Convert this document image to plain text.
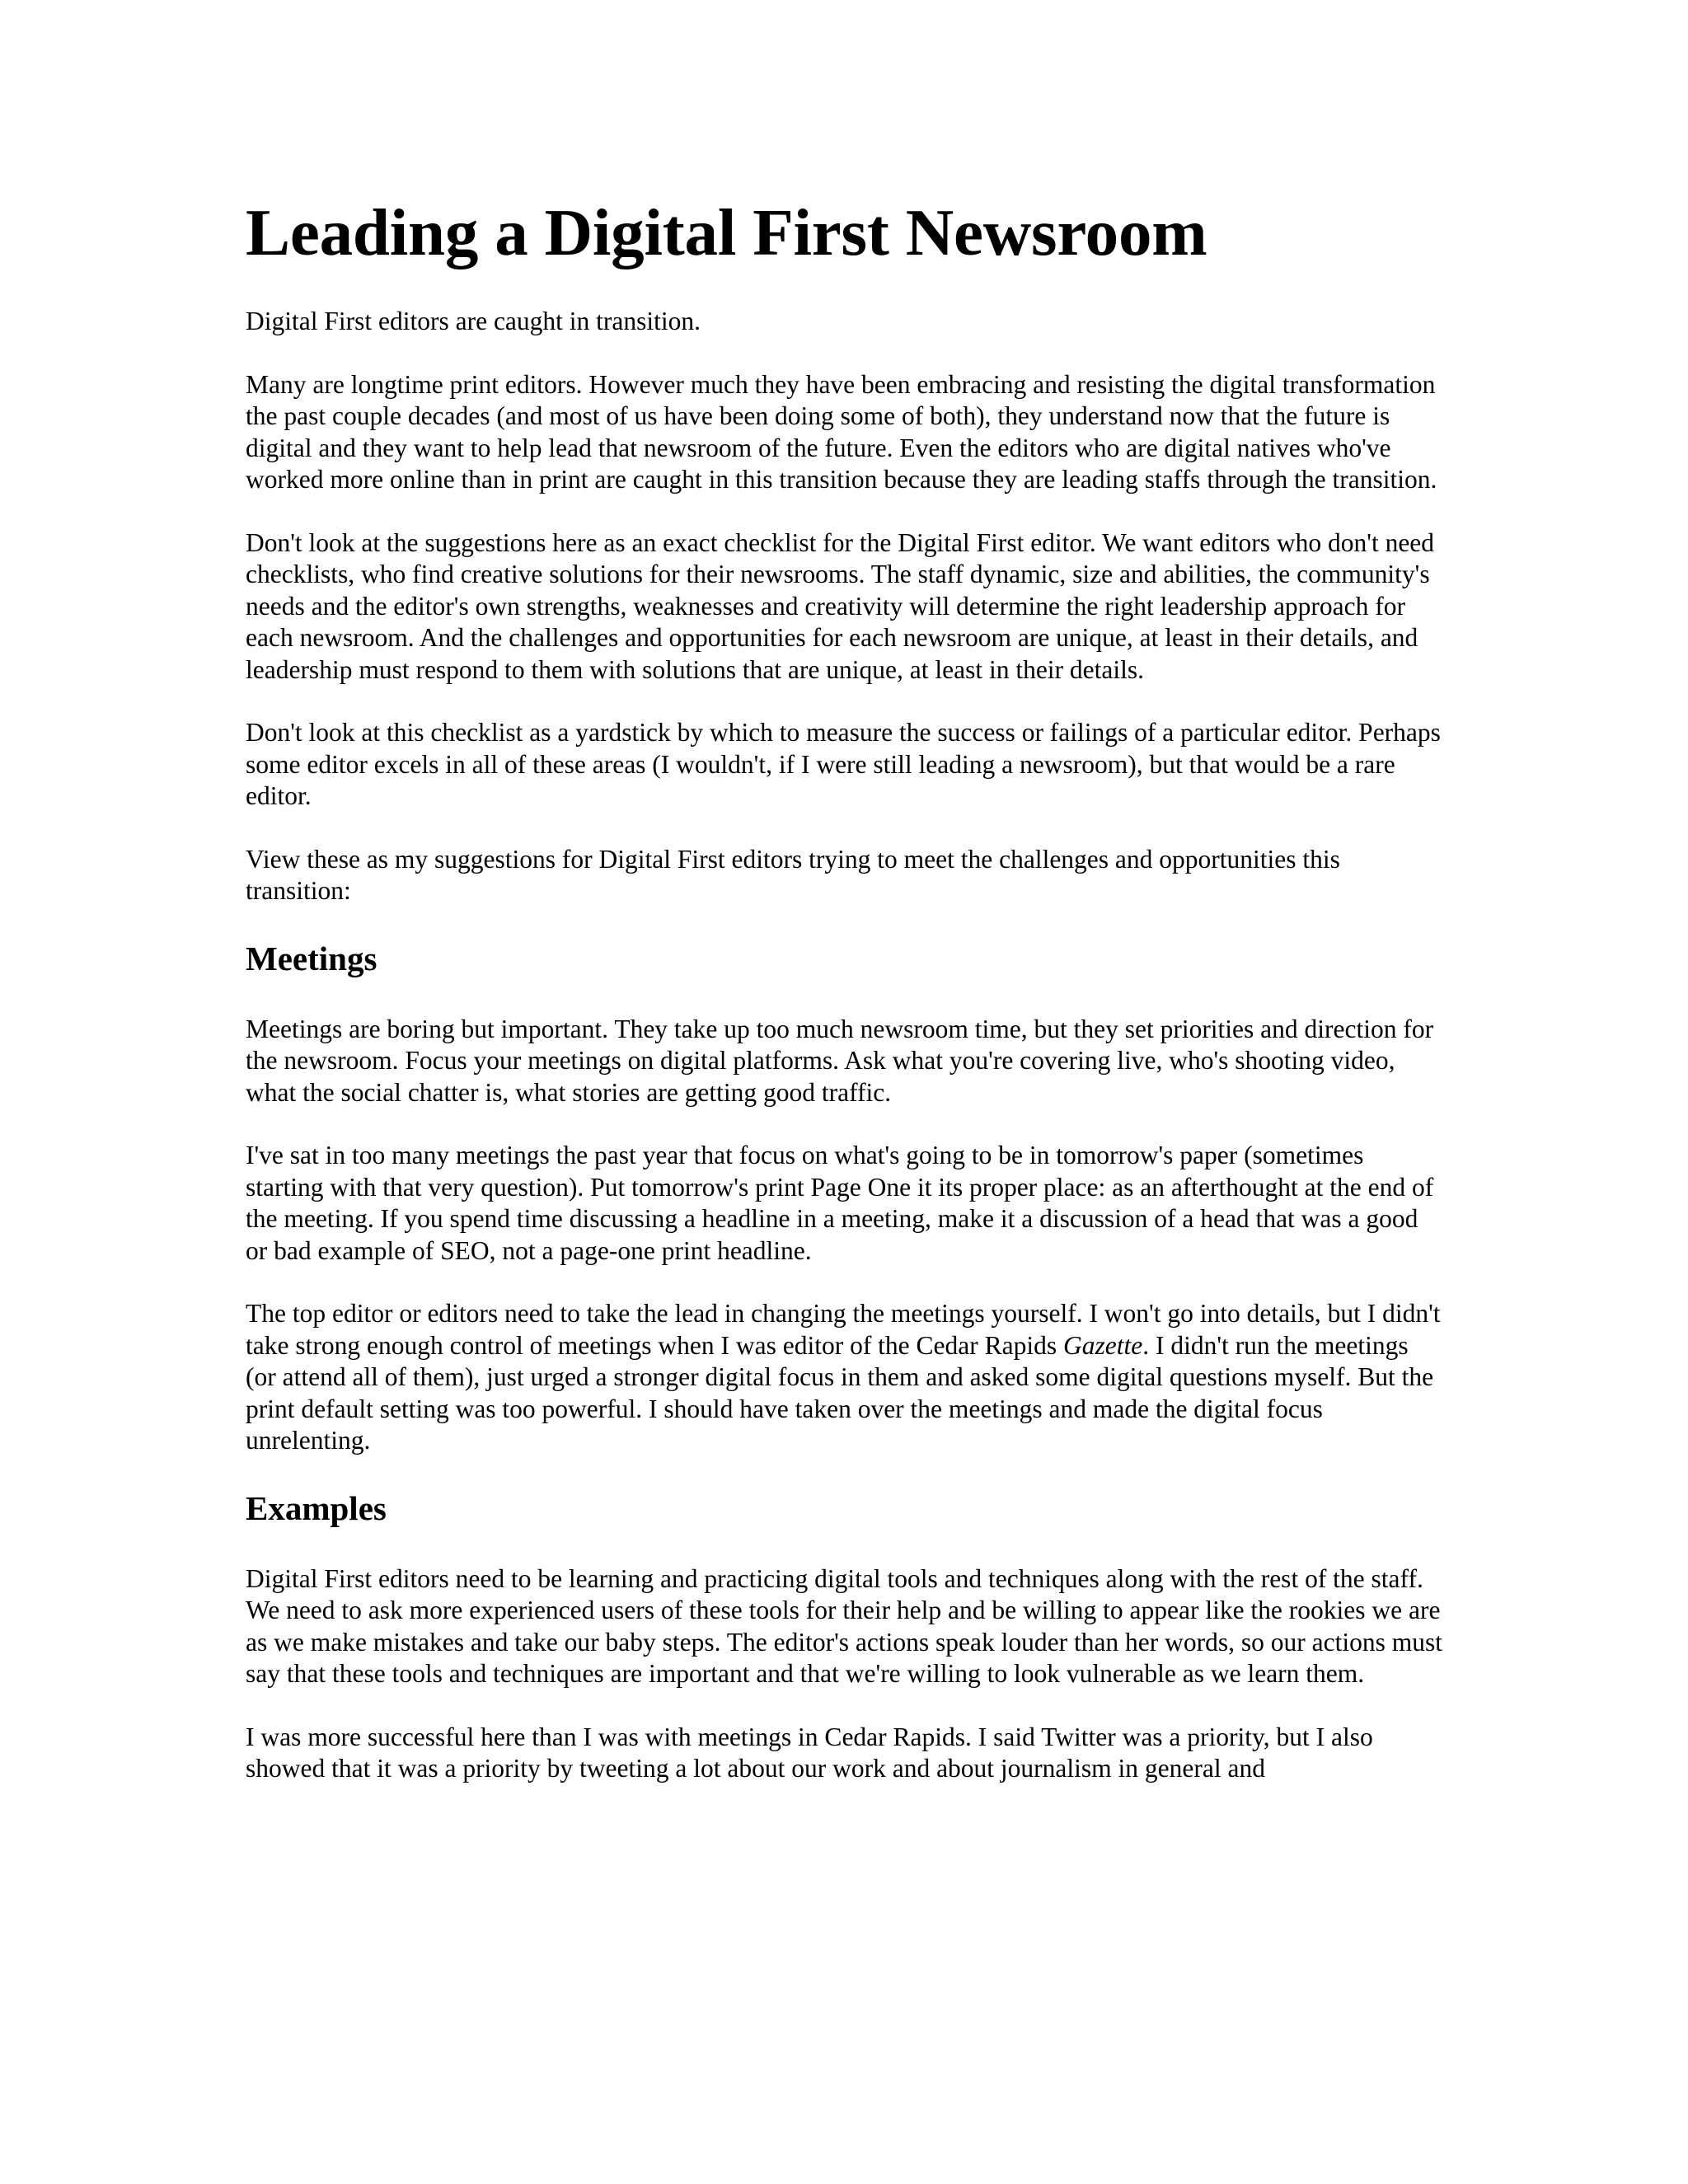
Leading a Digital First Newsroom

Digital First editors are caught in transition.

Many are longtime print editors. However much they have been embracing and resisting the digital transformation the past couple decades (and most of us have been doing some of both), they understand now that the future is digital and they want to help lead that newsroom of the future. Even the editors who are digital natives who've worked more online than in print are caught in this transition because they are leading staffs through the transition.

Don't look at the suggestions here as an exact checklist for the Digital First editor. We want editors who don't need checklists, who find creative solutions for their newsrooms. The staff dynamic, size and abilities, the community's needs and the editor's own strengths, weaknesses and creativity will determine the right leadership approach for each newsroom. And the challenges and opportunities for each newsroom are unique, at least in their details, and leadership must respond to them with solutions that are unique, at least in their details.

Don't look at this checklist as a yardstick by which to measure the success or failings of a particular editor. Perhaps some editor excels in all of these areas (I wouldn't, if I were still leading a newsroom), but that would be a rare editor.

View these as my suggestions for Digital First editors trying to meet the challenges and opportunities this transition:

Meetings

Meetings are boring but important. They take up too much newsroom time, but they set priorities and direction for the newsroom. Focus your meetings on digital platforms. Ask what you're covering live, who's shooting video, what the social chatter is, what stories are getting good traffic.

I've sat in too many meetings the past year that focus on what's going to be in tomorrow's paper (sometimes starting with that very question). Put tomorrow's print Page One it its proper place: as an afterthought at the end of the meeting. If you spend time discussing a headline in a meeting, make it a discussion of a head that was a good or bad example of SEO, not a page-one print headline.

The top editor or editors need to take the lead in changing the meetings yourself. I won't go into details, but I didn't take strong enough control of meetings when I was editor of the Cedar Rapids Gazette. I didn't run the meetings (or attend all of them), just urged a stronger digital focus in them and asked some digital questions myself. But the print default setting was too powerful. I should have taken over the meetings and made the digital focus unrelenting.

Examples

Digital First editors need to be learning and practicing digital tools and techniques along with the rest of the staff. We need to ask more experienced users of these tools for their help and be willing to appear like the rookies we are as we make mistakes and take our baby steps. The editor's actions speak louder than her words, so our actions must say that these tools and techniques are important and that we're willing to look vulnerable as we learn them.

I was more successful here than I was with meetings in Cedar Rapids. I said Twitter was a priority, but I also showed that it was a priority by tweeting a lot about our work and about journalism in general and
